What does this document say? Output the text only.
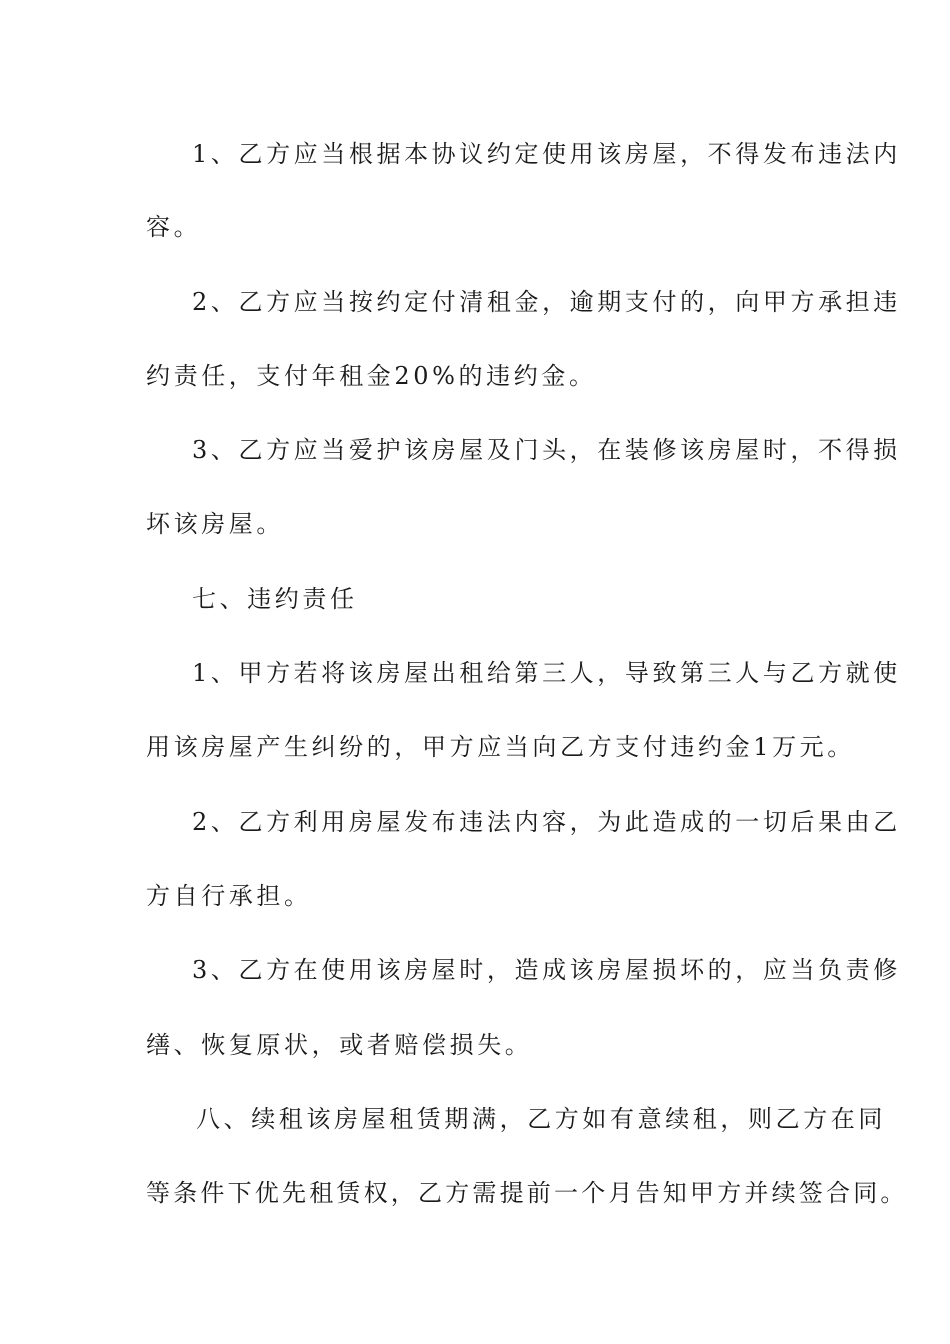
1、乙方应当根据本协议约定使用该房屋，不得发布违法内
容。
2、乙方应当按约定付清租金，逾期支付的，向甲方承担违
约责任，支付年租金20%的违约金。
3、乙方应当爱护该房屋及门头，在装修该房屋时，不得损
坏该房屋。
七、违约责任
1、甲方若将该房屋出租给第三人，导致第三人与乙方就使
用该房屋产生纠纷的，甲方应当向乙方支付违约金1万元。
2、乙方利用房屋发布违法内容，为此造成的一切后果由乙
方自行承担。
3、乙方在使用该房屋时，造成该房屋损坏的，应当负责修
缮、恢复原状，或者赔偿损失。
八、续租该房屋租赁期满，乙方如有意续租，则乙方在同
等条件下优先租赁权，乙方需提前一个月告知甲方并续签合同。
